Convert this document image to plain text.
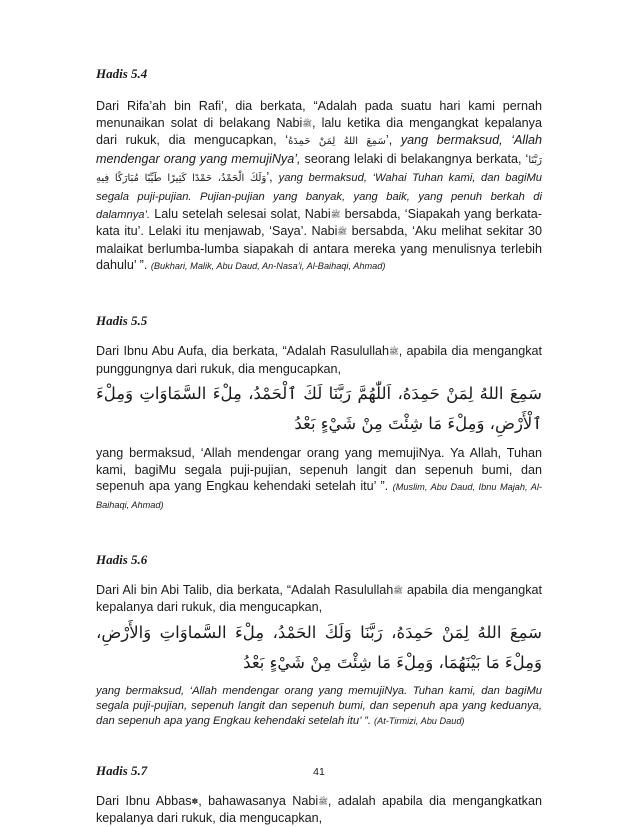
Hadis 5.4

Dari Rifa’ah bin Rafi’, dia berkata, “Adalah pada suatu hari kami pernah menunaikan solat di belakang Nabiﷺ, lalu ketika dia mengangkat kepalanya dari rukuk, dia mengucapkan, ‘سَمِعَ اللهُ لِمَنْ حَمِدَهُ’, yang bermaksud, ‘Allah mendengar orang yang memujiNya’, seorang lelaki di belakangnya berkata, ‘رَبَّنَا وَلَكَ الْحَمْدُ، حَمْدًا كَثِيرًا طَيِّبًا مُبَارَكًا فِيهِ’, yang bermaksud, ‘Wahai Tuhan kami, dan bagiMu segala puji-pujian. Pujian-pujian yang banyak, yang baik, yang penuh berkah di dalamnya’. Lalu setelah selesai solat, Nabiﷺ bersabda, ‘Siapakah yang berkata-kata itu’. Lelaki itu menjawab, ‘Saya’. Nabiﷺ bersabda, ‘Aku melihat sekitar 30 malaikat berlumba-lumba siapakah di antara mereka yang menulisnya terlebih dahulu’ ”. (Bukhari, Malik, Abu Daud, An-Nasa’i, Al-Baihaqi, Ahmad)

Hadis 5.5

Dari Ibnu Abu Aufa, dia berkata, “Adalah Rasulullahﷺ, apabila dia mengangkat punggungnya dari rukuk, dia mengucapkan,

سَمِعَ اللهُ لِمَنْ حَمِدَهُ، اَللّٰهُمَّ رَبَّنَا لَكَ ٱلْحَمْدُ، مِلْءَ السَّمَاوَاتِ وَمِلْءَ ٱلْأَرْضِ، وَمِلْءَ مَا شِئْتَ مِنْ شَيْءٍ بَعْدُ

yang bermaksud, ‘Allah mendengar orang yang memujiNya. Ya Allah, Tuhan kami, bagiMu segala puji-pujian, sepenuh langit dan sepenuh bumi, dan sepenuh apa yang Engkau kehendaki setelah itu’ ”. (Muslim, Abu Daud, Ibnu Majah, Al-Baihaqi, Ahmad)

Hadis 5.6

Dari Ali bin Abi Talib, dia berkata, “Adalah Rasulullahﷺ apabila dia mengangkat kepalanya dari rukuk, dia mengucapkan,

سَمِعَ اللهُ لِمَنْ حَمِدَهُ، رَبَّنَا وَلَكَ الحَمْدُ، مِلْءَ السَّماوَاتِ وَالأَرْضِ، وَمِلْءَ مَا بَيْنَهُمَا، وَمِلْءَ مَا شِئْتَ مِنْ شَيْءٍ بَعْدُ

yang bermaksud, ‘Allah mendengar orang yang memujiNya. Tuhan kami, dan bagiMu segala puji-pujian, sepenuh langit dan sepenuh bumi, dan sepenuh apa yang keduanya, dan sepenuh apa yang Engkau kehendaki setelah itu’ ”. (At-Tirmizi, Abu Daud)

Hadis 5.7

Dari Ibnu Abbas✽, bahawasanya Nabiﷺ, adalah apabila dia mengangkatkan kepalanya dari rukuk, dia mengucapkan,

41
